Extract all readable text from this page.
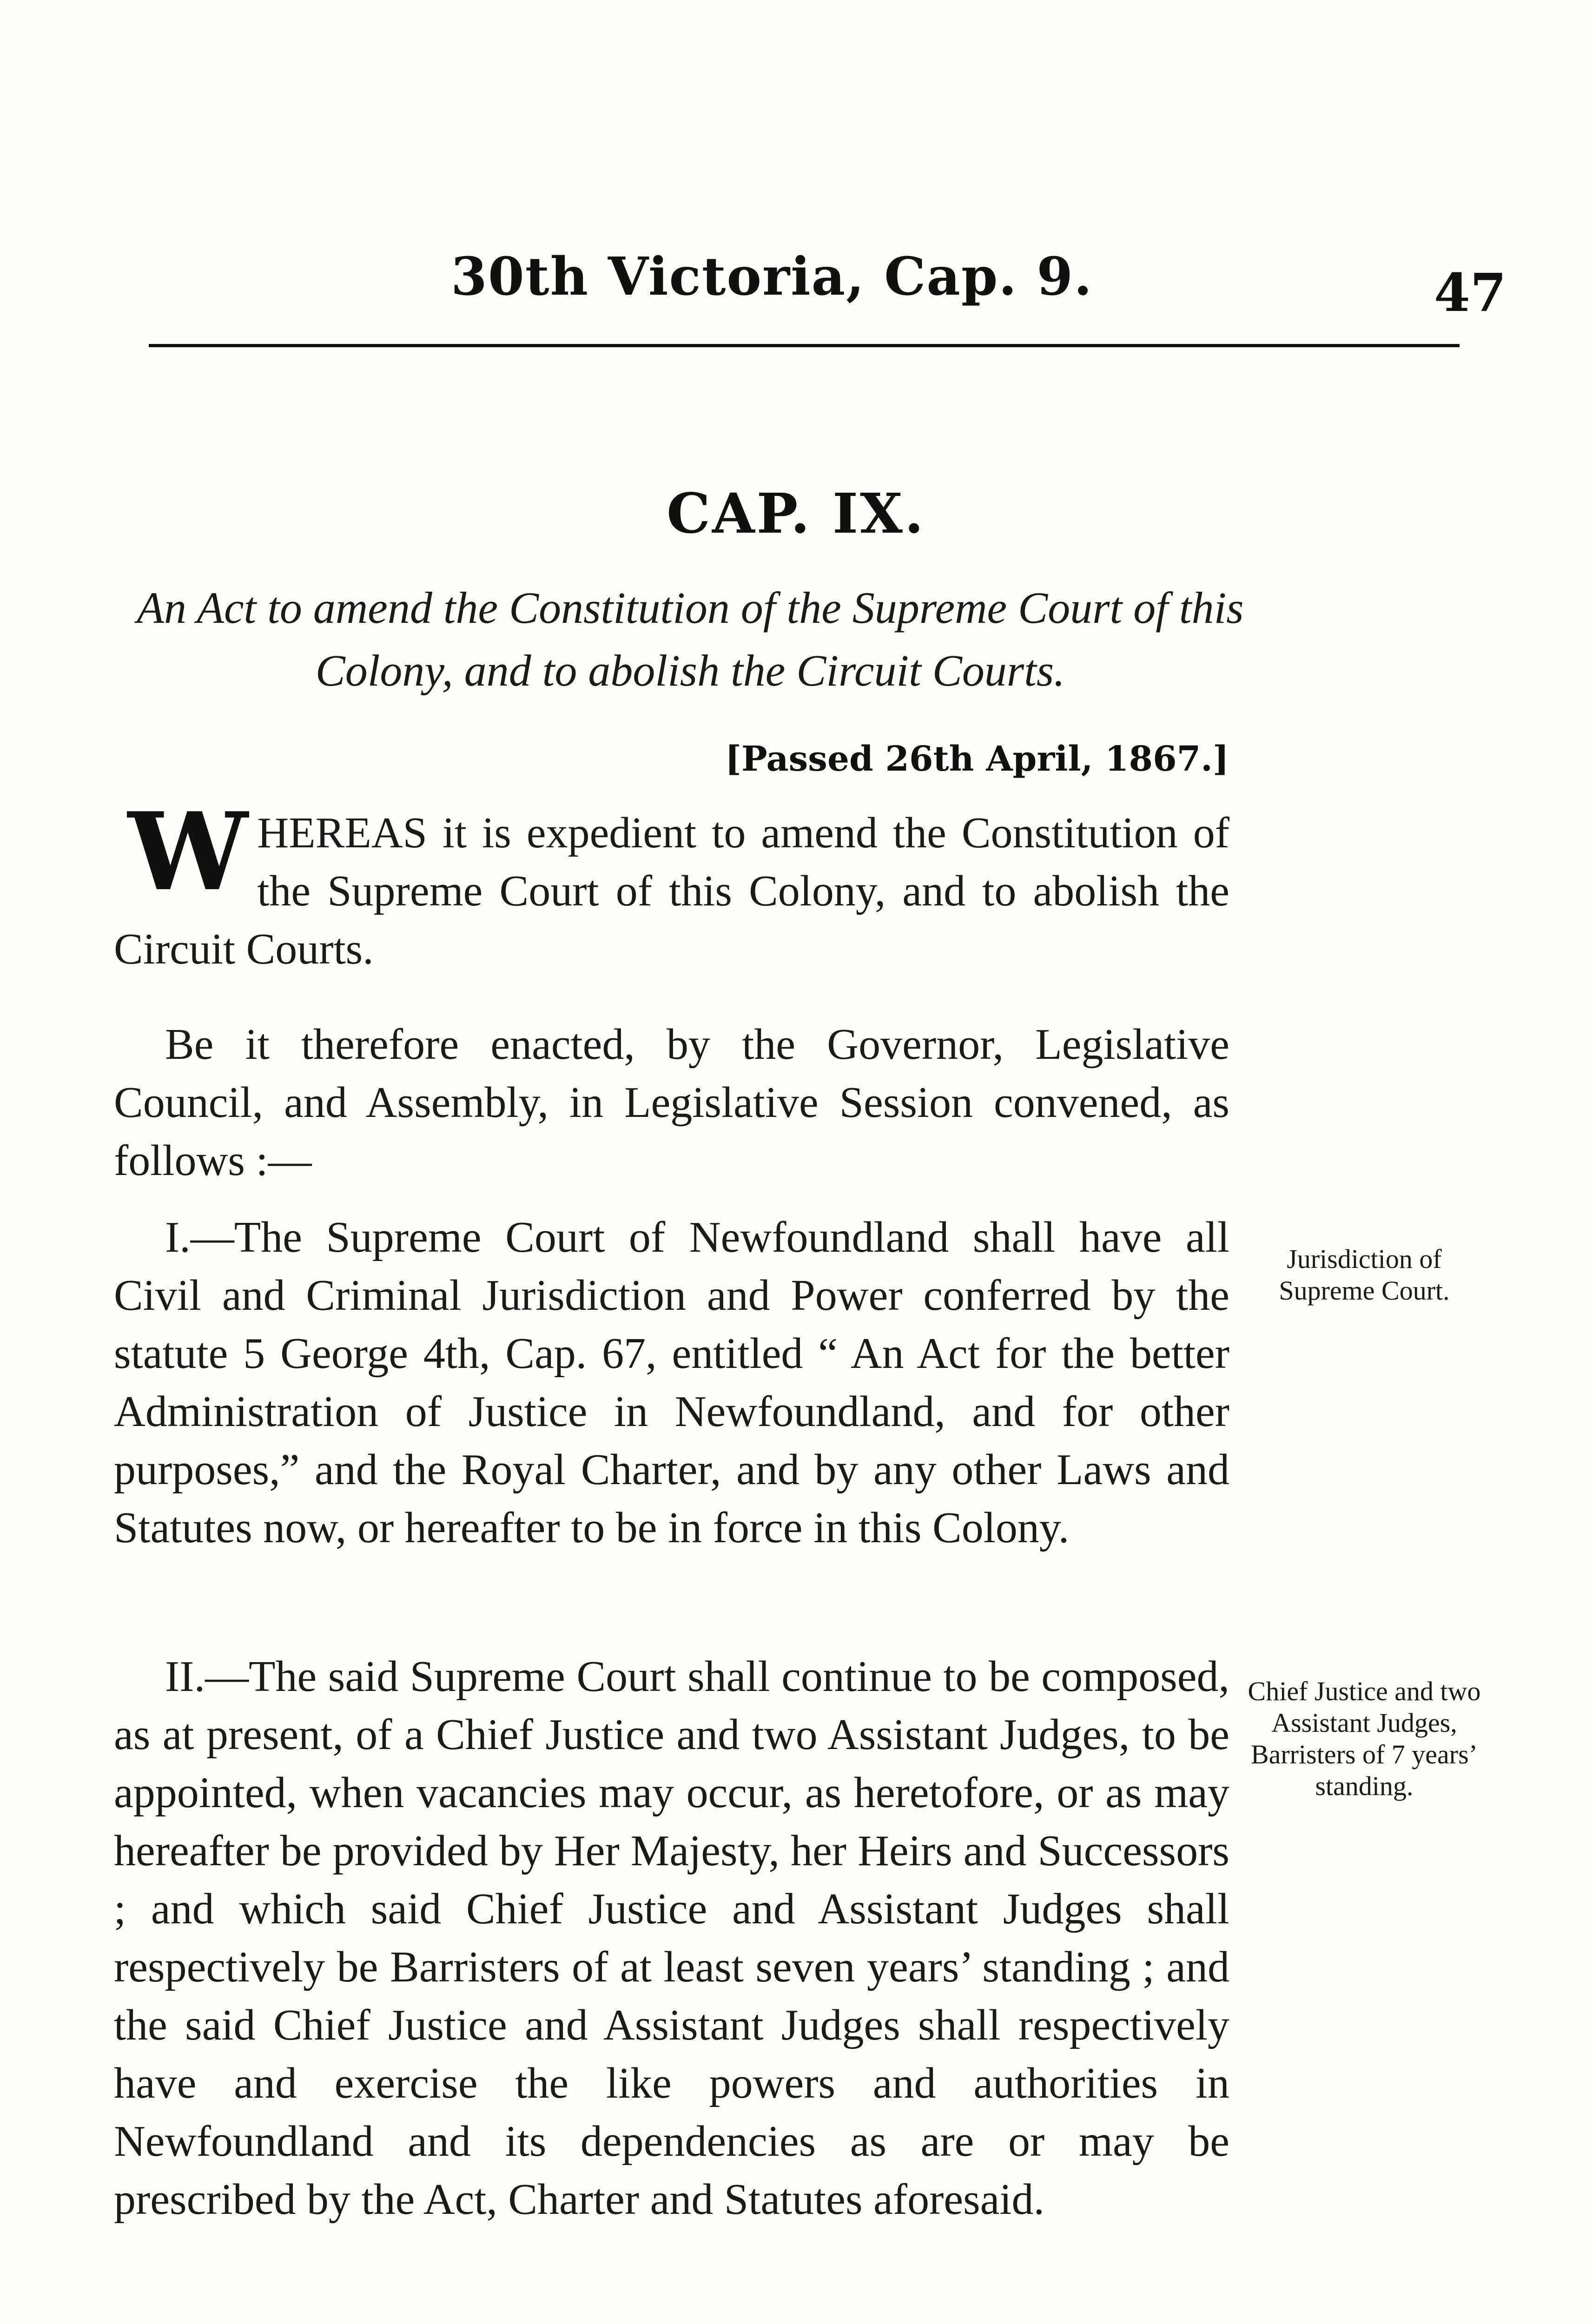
30th Victoria, Cap. 9.	47
CAP. IX.
An Act to amend the Constitution of the Supreme Court of this Colony, and to abolish the Circuit Courts.
[Passed 26th April, 1867.]
WHEREAS it is expedient to amend the Constitution of the Supreme Court of this Colony, and to abolish the Circuit Courts.
Be it therefore enacted, by the Governor, Legislative Council, and Assembly, in Legislative Session convened, as follows :—
I.—The Supreme Court of Newfoundland shall have all Civil and Criminal Jurisdiction and Power conferred by the statute 5 George 4th, Cap. 67, entitled “ An Act for the better Administration of Justice in Newfoundland, and for other purposes,” and the Royal Charter, and by any other Laws and Statutes now, or hereafter to be in force in this Colony.
Jurisdiction of Supreme Court.
II.—The said Supreme Court shall continue to be composed, as at present, of a Chief Justice and two Assistant Judges, to be appointed, when vacancies may occur, as heretofore, or as may hereafter be provided by Her Majesty, her Heirs and Successors ; and which said Chief Justice and Assistant Judges shall respectively be Barristers of at least seven years’ standing ; and the said Chief Justice and Assistant Judges shall respectively have and exercise the like powers and authorities in Newfoundland and its dependencies as are or may be prescribed by the Act, Charter and Statutes aforesaid.
Chief Justice and two Assistant Judges, Barristers of 7 years’ standing.
